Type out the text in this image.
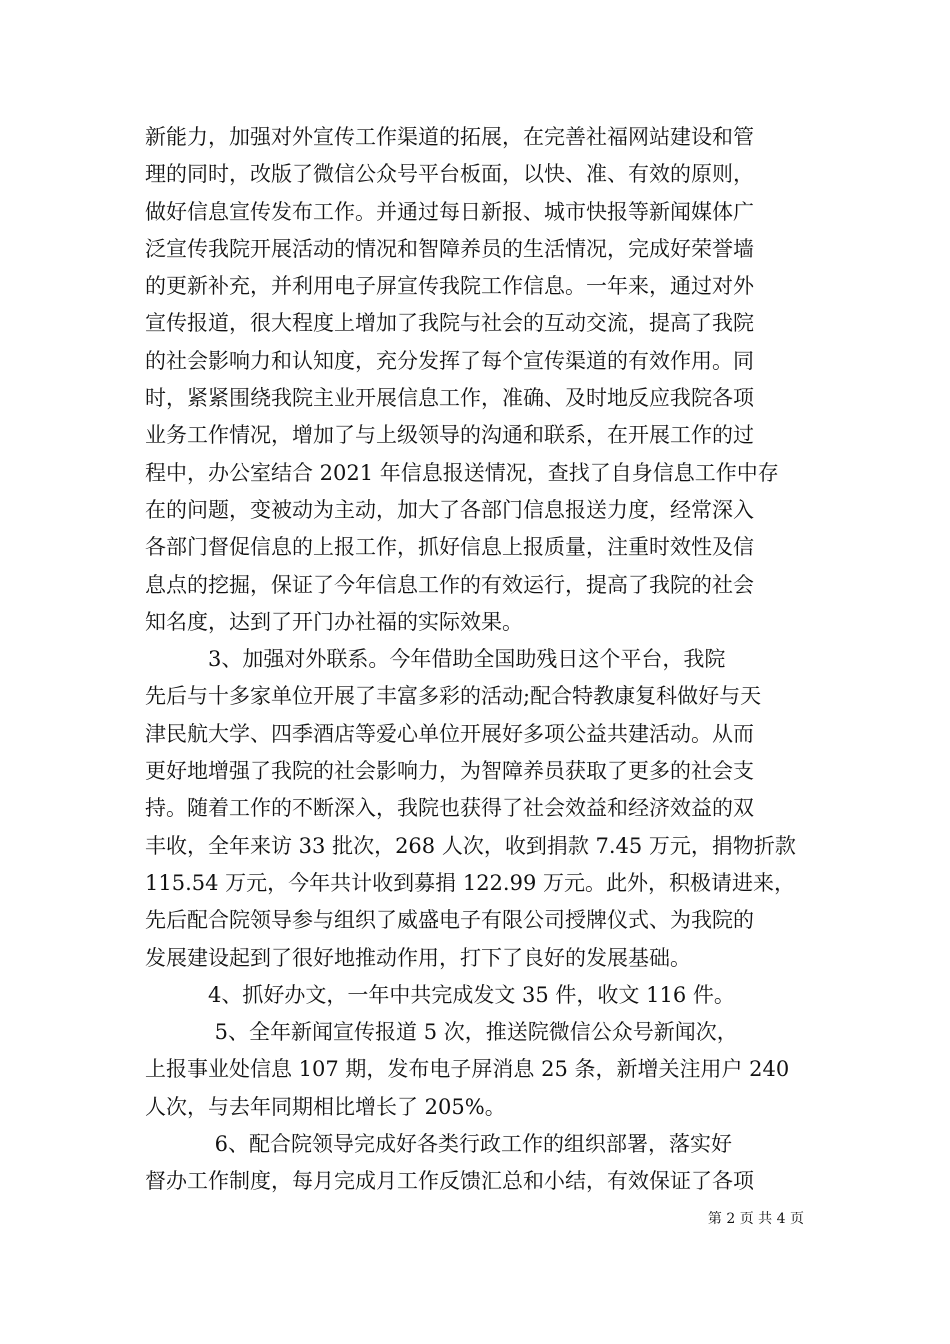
新能力，加强对外宣传工作渠道的拓展，在完善社福网站建设和管
理的同时，改版了微信公众号平台板面，以快、准、有效的原则，
做好信息宣传发布工作。并通过每日新报、城市快报等新闻媒体广
泛宣传我院开展活动的情况和智障养员的生活情况，完成好荣誉墙
的更新补充，并利用电子屏宣传我院工作信息。一年来，通过对外
宣传报道，很大程度上增加了我院与社会的互动交流，提高了我院
的社会影响力和认知度，充分发挥了每个宣传渠道的有效作用。同
时，紧紧围绕我院主业开展信息工作，准确、及时地反应我院各项
业务工作情况，增加了与上级领导的沟通和联系，在开展工作的过
程中，办公室结合 2021 年信息报送情况，查找了自身信息工作中存
在的问题，变被动为主动，加大了各部门信息报送力度，经常深入
各部门督促信息的上报工作，抓好信息上报质量，注重时效性及信
息点的挖掘，保证了今年信息工作的有效运行，提高了我院的社会
知名度，达到了开门办社福的实际效果。
　　　3、加强对外联系。今年借助全国助残日这个平台，我院
先后与十多家单位开展了丰富多彩的活动;配合特教康复科做好与天
津民航大学、四季酒店等爱心单位开展好多项公益共建活动。从而
更好地增强了我院的社会影响力，为智障养员获取了更多的社会支
持。随着工作的不断深入，我院也获得了社会效益和经济效益的双
丰收，全年来访 33 批次，268 人次，收到捐款 7.45 万元，捐物折款
115.54 万元，今年共计收到募捐 122.99 万元。此外，积极请进来，
先后配合院领导参与组织了威盛电子有限公司授牌仪式、为我院的
发展建设起到了很好地推动作用，打下了良好的发展基础。
　　　4、抓好办文，一年中共完成发文 35 件，收文 116 件。
　　　 5、全年新闻宣传报道 5 次，推送院微信公众号新闻次，
上报事业处信息 107 期，发布电子屏消息 25 条，新增关注用户 240
人次，与去年同期相比增长了 205%。
　　　 6、配合院领导完成好各类行政工作的组织部署，落实好
督办工作制度，每月完成月工作反馈汇总和小结，有效保证了各项
第 2 页 共 4 页
